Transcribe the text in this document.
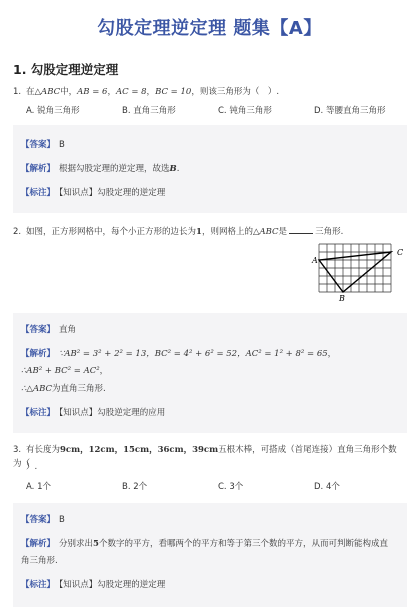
勾股定理逆定理 题集【A】
1. 勾股定理逆定理
1. 在△ABC中，AB = 6，AC = 8，BC = 10，则该三角形为（　）.
A. 锐角三角形	B. 直角三角形	C. 钝角三角形	D. 等腰直角三角形
【答案】 B
【解析】 根据勾股定理的逆定理，故选B.
【标注】 【知识点】勾股定理的逆定理
2. 如图，正方形网格中，每个小正方形的边长为1，则网格上的△ABC是	三角形.
A
B
C
【答案】 直角
【解析】 ∵AB² = 3² + 2² = 13，BC² = 4² + 6² = 52，AC² = 1² + 8² = 65，
∴AB² + BC² = AC²，
∴△ABC为直角三角形.
【标注】 【知识点】勾股逆定理的应用
3. 有长度为9cm，12cm，15cm，36cm，39cm五根木棒，可搭成（首尾连接）直角三角形个数为（
）.
A. 1个	B. 2个	C. 3个	D. 4个
【答案】 B
【解析】 分别求出5个数字的平方，看哪两个的平方和等于第三个数的平方，从而可判断能构成直
角三角形.
【标注】 【知识点】勾股定理的逆定理
